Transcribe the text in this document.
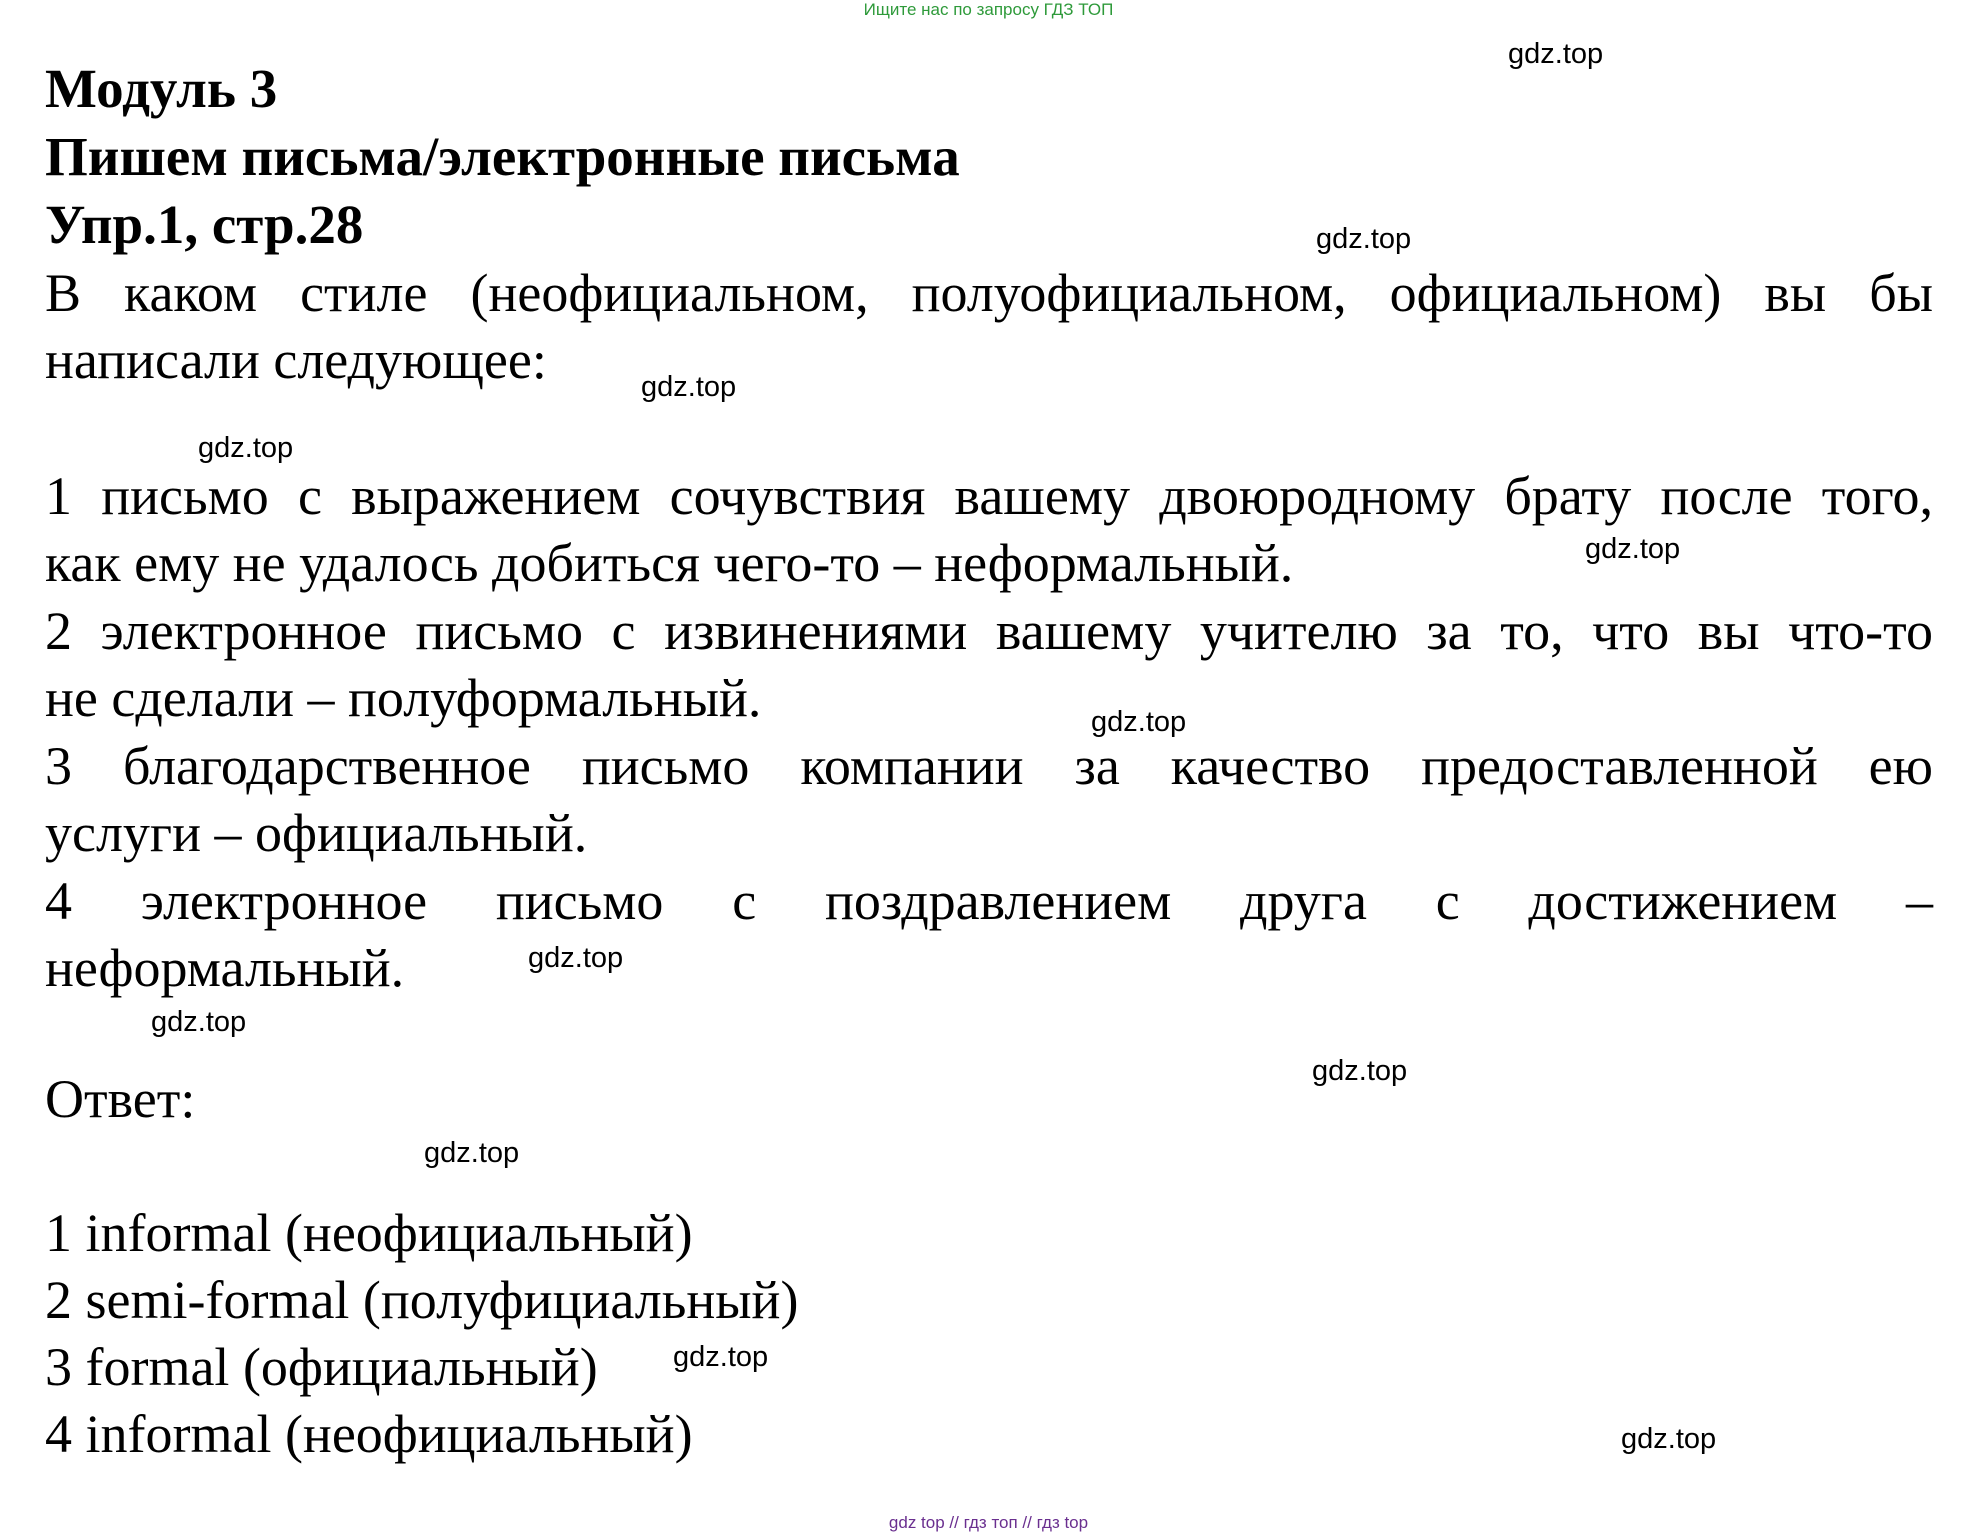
Ищите нас по запросу ГДЗ ТОП
Модуль 3
Пишем письма/электронные письма
Упр.1, стр.28
В каком стиле (неофициальном, полуофициальном, официальном) вы бы
написали следующее:
1 письмо с выражением сочувствия вашему двоюродному брату после того,
как ему не удалось добиться чего-то – неформальный.
2 электронное письмо с извинениями вашему учителю за то, что вы что-то
не сделали – полуформальный.
3 благодарственное письмо компании за качество предоставленной ею
услуги – официальный.
4 электронное письмо с поздравлением друга с достижением –
неформальный.
Ответ:
1 informal (неофициальный)
2 semi-formal (полуфициальный)
3 formal (официальный)
4 informal (неофициальный)
gdz.top
gdz.top
gdz.top
gdz.top
gdz.top
gdz.top
gdz.top
gdz.top
gdz.top
gdz.top
gdz.top
gdz.top
gdz top // гдз топ // гдз top
